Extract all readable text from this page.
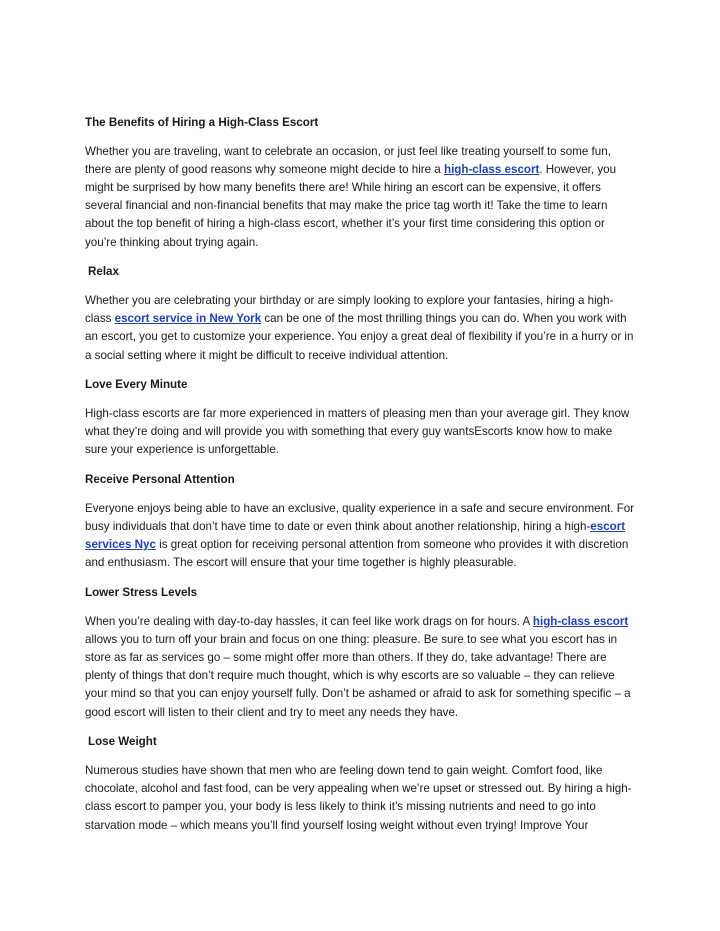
The Benefits of Hiring a High-Class Escort

Whether you are traveling, want to celebrate an occasion, or just feel like treating yourself to some fun, there are plenty of good reasons why someone might decide to hire a high-class escort. However, you might be surprised by how many benefits there are! While hiring an escort can be expensive, it offers several financial and non-financial benefits that may make the price tag worth it! Take the time to learn about the top benefit of hiring a high-class escort, whether it’s your first time considering this option or you’re thinking about trying again.

Relax

Whether you are celebrating your birthday or are simply looking to explore your fantasies, hiring a high-class escort service in New York can be one of the most thrilling things you can do. When you work with an escort, you get to customize your experience. You enjoy a great deal of flexibility if you’re in a hurry or in a social setting where it might be difficult to receive individual attention.

Love Every Minute

High-class escorts are far more experienced in matters of pleasing men than your average girl. They know what they’re doing and will provide you with something that every guy wantsEscorts know how to make sure your experience is unforgettable.

Receive Personal Attention

Everyone enjoys being able to have an exclusive, quality experience in a safe and secure environment. For busy individuals that don’t have time to date or even think about another relationship, hiring a high-escort services Nyc is great option for receiving personal attention from someone who provides it with discretion and enthusiasm. The escort will ensure that your time together is highly pleasurable.

Lower Stress Levels

When you’re dealing with day-to-day hassles, it can feel like work drags on for hours. A high-class escort allows you to turn off your brain and focus on one thing: pleasure. Be sure to see what you escort has in store as far as services go – some might offer more than others. If they do, take advantage! There are plenty of things that don’t require much thought, which is why escorts are so valuable – they can relieve your mind so that you can enjoy yourself fully. Don’t be ashamed or afraid to ask for something specific – a good escort will listen to their client and try to meet any needs they have.

Lose Weight

Numerous studies have shown that men who are feeling down tend to gain weight. Comfort food, like chocolate, alcohol and fast food, can be very appealing when we’re upset or stressed out. By hiring a high-class escort to pamper you, your body is less likely to think it’s missing nutrients and need to go into starvation mode – which means you’ll find yourself losing weight without even trying! Improve Your
